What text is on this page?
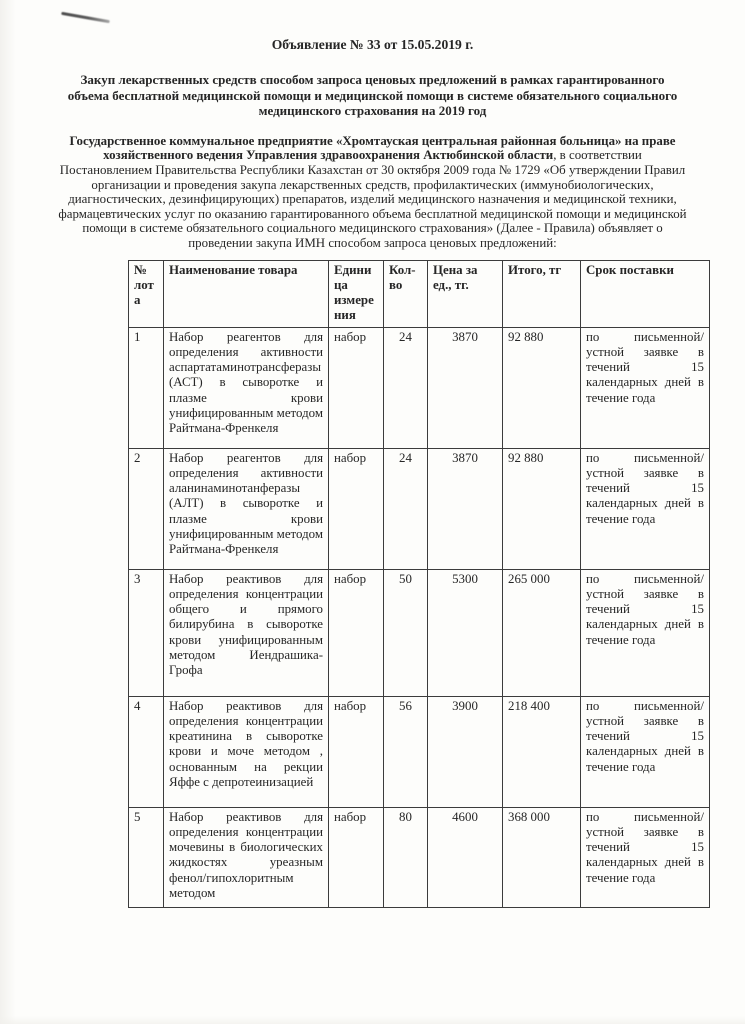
Объявление № 33 от 15.05.2019 г.

Закуп лекарственных средств способом запроса ценовых предложений в рамках гарантированного объема бесплатной медицинской помощи и медицинской помощи в системе обязательного социального медицинского страхования на 2019 год

Государственное коммунальное предприятие «Хромтауская центральная районная больница» на праве хозяйственного ведения Управления здравоохранения Актюбинской области, в соответствии Постановлением Правительства Республики Казахстан от 30 октября 2009 года № 1729 «Об утверждении Правил организации и проведения закупа лекарственных средств, профилактических (иммунобиологических, диагностических, дезинфицирующих) препаратов, изделий медицинского назначения и медицинской техники, фармацевтических услуг по оказанию гарантированного объема бесплатной медицинской помощи и медицинской помощи в системе обязательного социального медицинского страхования» (Далее - Правила) объявляет о проведении закупа ИМН способом запроса ценовых предложений:

№ лота	Наименование товара	Единица измерения	Кол-во	Цена за ед., тг.	Итого, тг	Срок поставки
1	Набор реагентов для определения активности аспартатаминотрансферазы (АСТ) в сыворотке и плазме крови унифицированным методом Райтмана-Френкеля	набор	24	3870	92 880	по письменной/устной заявке в течений 15 календарных дней в течение года
2	Набор реагентов для определения активности аланинаминотанферазы (АЛТ) в сыворотке и плазме крови унифицированным методом Райтмана-Френкеля	набор	24	3870	92 880	по письменной/устной заявке в течений 15 календарных дней в течение года
3	Набор реактивов для определения концентрации общего и прямого билирубина в сыворотке крови унифицированным методом Иендрашика-Грофа	набор	50	5300	265 000	по письменной/устной заявке в течений 15 календарных дней в течение года
4	Набор реактивов для определения концентрации креатинина в сыворотке крови и моче методом , основанным на рекции Яффе с депротеинизацией	набор	56	3900	218 400	по письменной/устной заявке в течений 15 календарных дней в течение года
5	Набор реактивов для определения концентрации мочевины в биологических жидкостях уреазным фенол/гипохлоритным методом	набор	80	4600	368 000	по письменной/устной заявке в течений 15 календарных дней в течение года
